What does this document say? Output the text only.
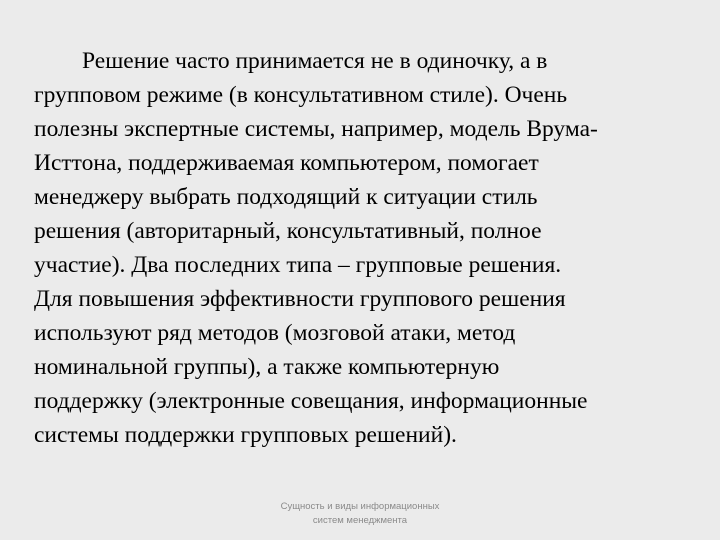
Решение часто принимается не в одиночку, а в
групповом режиме (в консультативном стиле). Очень
полезны экспертные системы, например, модель Врума-
Исттона, поддерживаемая компьютером, помогает
менеджеру выбрать подходящий к ситуации стиль
решения (авторитарный, консультативный, полное
участие). Два последних типа – групповые решения.
Для повышения эффективности группового решения
используют ряд методов (мозговой атаки, метод
номинальной группы), а также компьютерную
поддержку (электронные совещания, информационные
системы поддержки групповых решений).
Сущность и виды информационных
систем менеджмента
